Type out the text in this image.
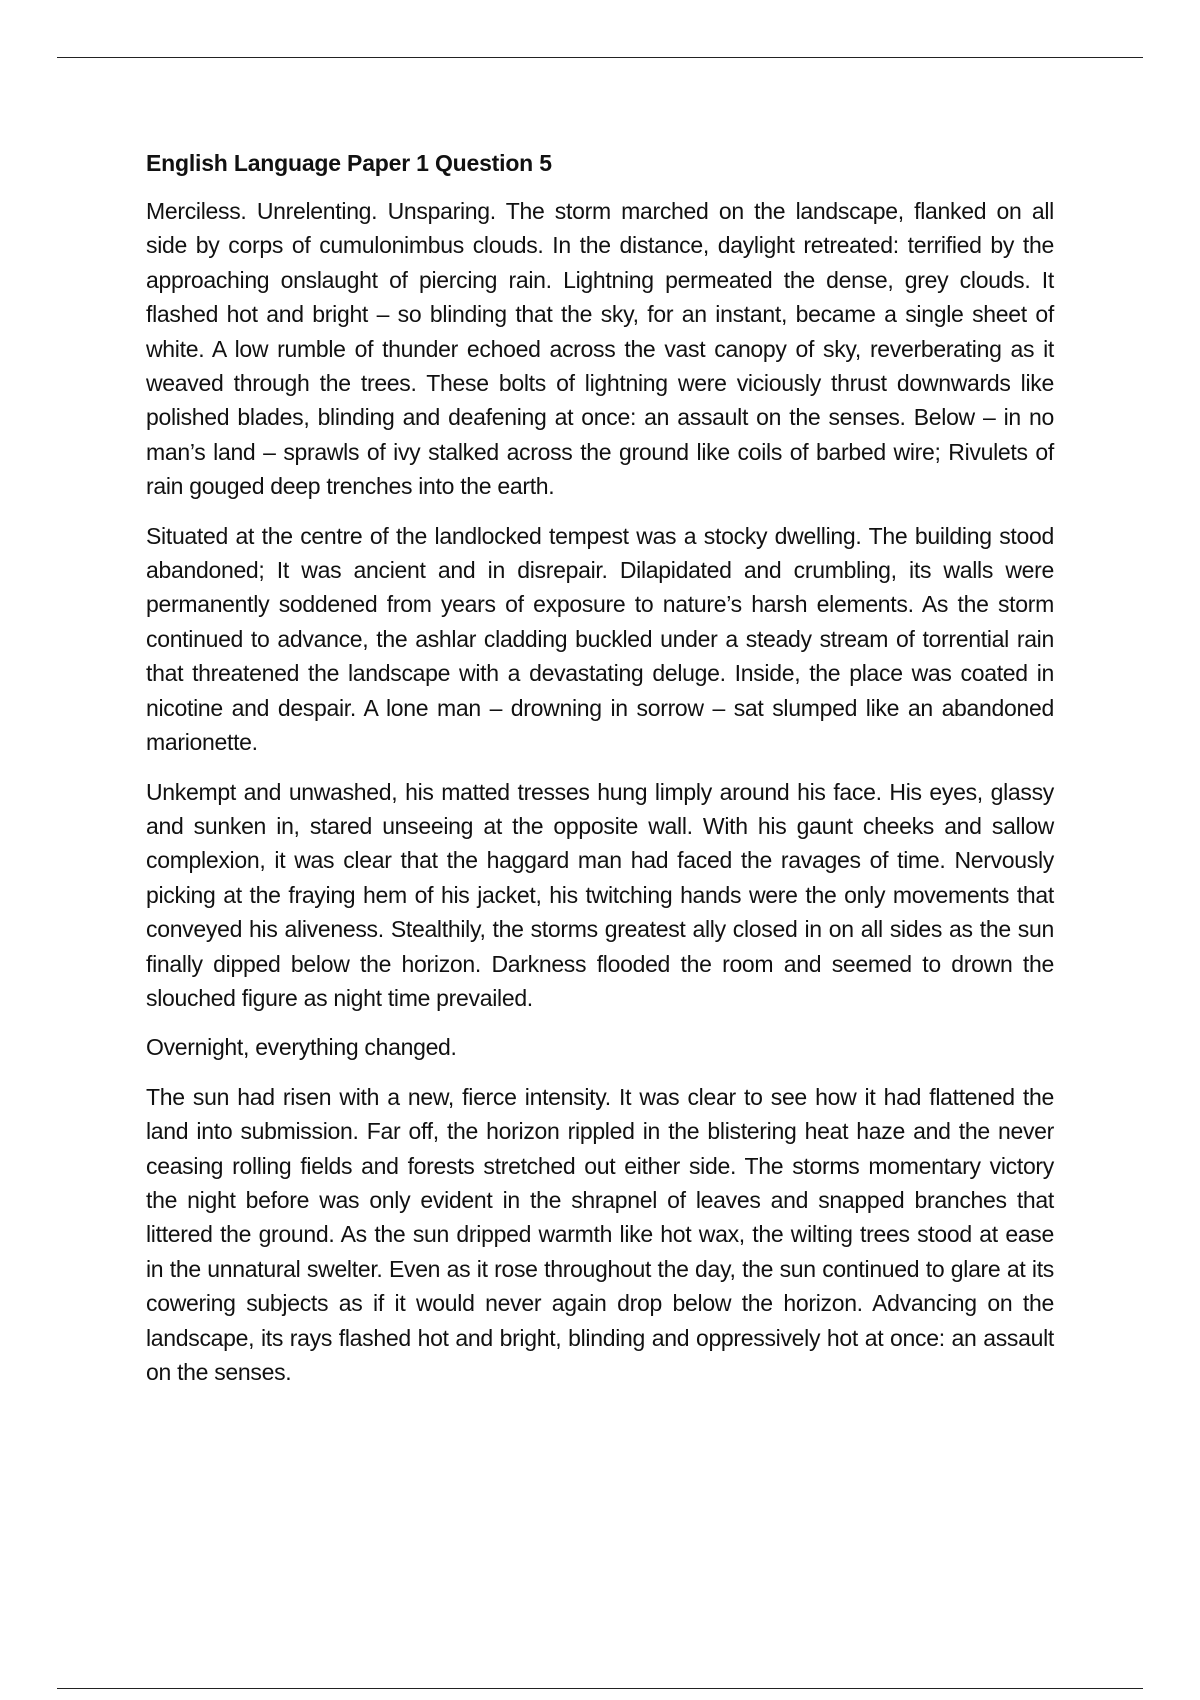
English Language Paper 1 Question 5

Merciless. Unrelenting. Unsparing. The storm marched on the landscape, flanked on all side by corps of cumulonimbus clouds. In the distance, daylight retreated: terrified by the approaching onslaught of piercing rain. Lightning permeated the dense, grey clouds. It flashed hot and bright – so blinding that the sky, for an instant, became a single sheet of white. A low rumble of thunder echoed across the vast canopy of sky, reverberating as it weaved through the trees. These bolts of lightning were viciously thrust downwards like polished blades, blinding and deafening at once: an assault on the senses. Below – in no man’s land – sprawls of ivy stalked across the ground like coils of barbed wire; Rivulets of rain gouged deep trenches into the earth.

Situated at the centre of the landlocked tempest was a stocky dwelling. The building stood abandoned; It was ancient and in disrepair. Dilapidated and crumbling, its walls were permanently soddened from years of exposure to nature’s harsh elements. As the storm continued to advance, the ashlar cladding buckled under a steady stream of torrential rain that threatened the landscape with a devastating deluge. Inside, the place was coated in nicotine and despair. A lone man – drowning in sorrow – sat slumped like an abandoned marionette.

Unkempt and unwashed, his matted tresses hung limply around his face. His eyes, glassy and sunken in, stared unseeing at the opposite wall. With his gaunt cheeks and sallow complexion, it was clear that the haggard man had faced the ravages of time. Nervously picking at the fraying hem of his jacket, his twitching hands were the only movements that conveyed his aliveness. Stealthily, the storms greatest ally closed in on all sides as the sun finally dipped below the horizon. Darkness flooded the room and seemed to drown the slouched figure as night time prevailed.

Overnight, everything changed.

The sun had risen with a new, fierce intensity. It was clear to see how it had flattened the land into submission. Far off, the horizon rippled in the blistering heat haze and the never ceasing rolling fields and forests stretched out either side. The storms momentary victory the night before was only evident in the shrapnel of leaves and snapped branches that littered the ground. As the sun dripped warmth like hot wax, the wilting trees stood at ease in the unnatural swelter. Even as it rose throughout the day, the sun continued to glare at its cowering subjects as if it would never again drop below the horizon. Advancing on the landscape, its rays flashed hot and bright, blinding and oppressively hot at once: an assault on the senses.
